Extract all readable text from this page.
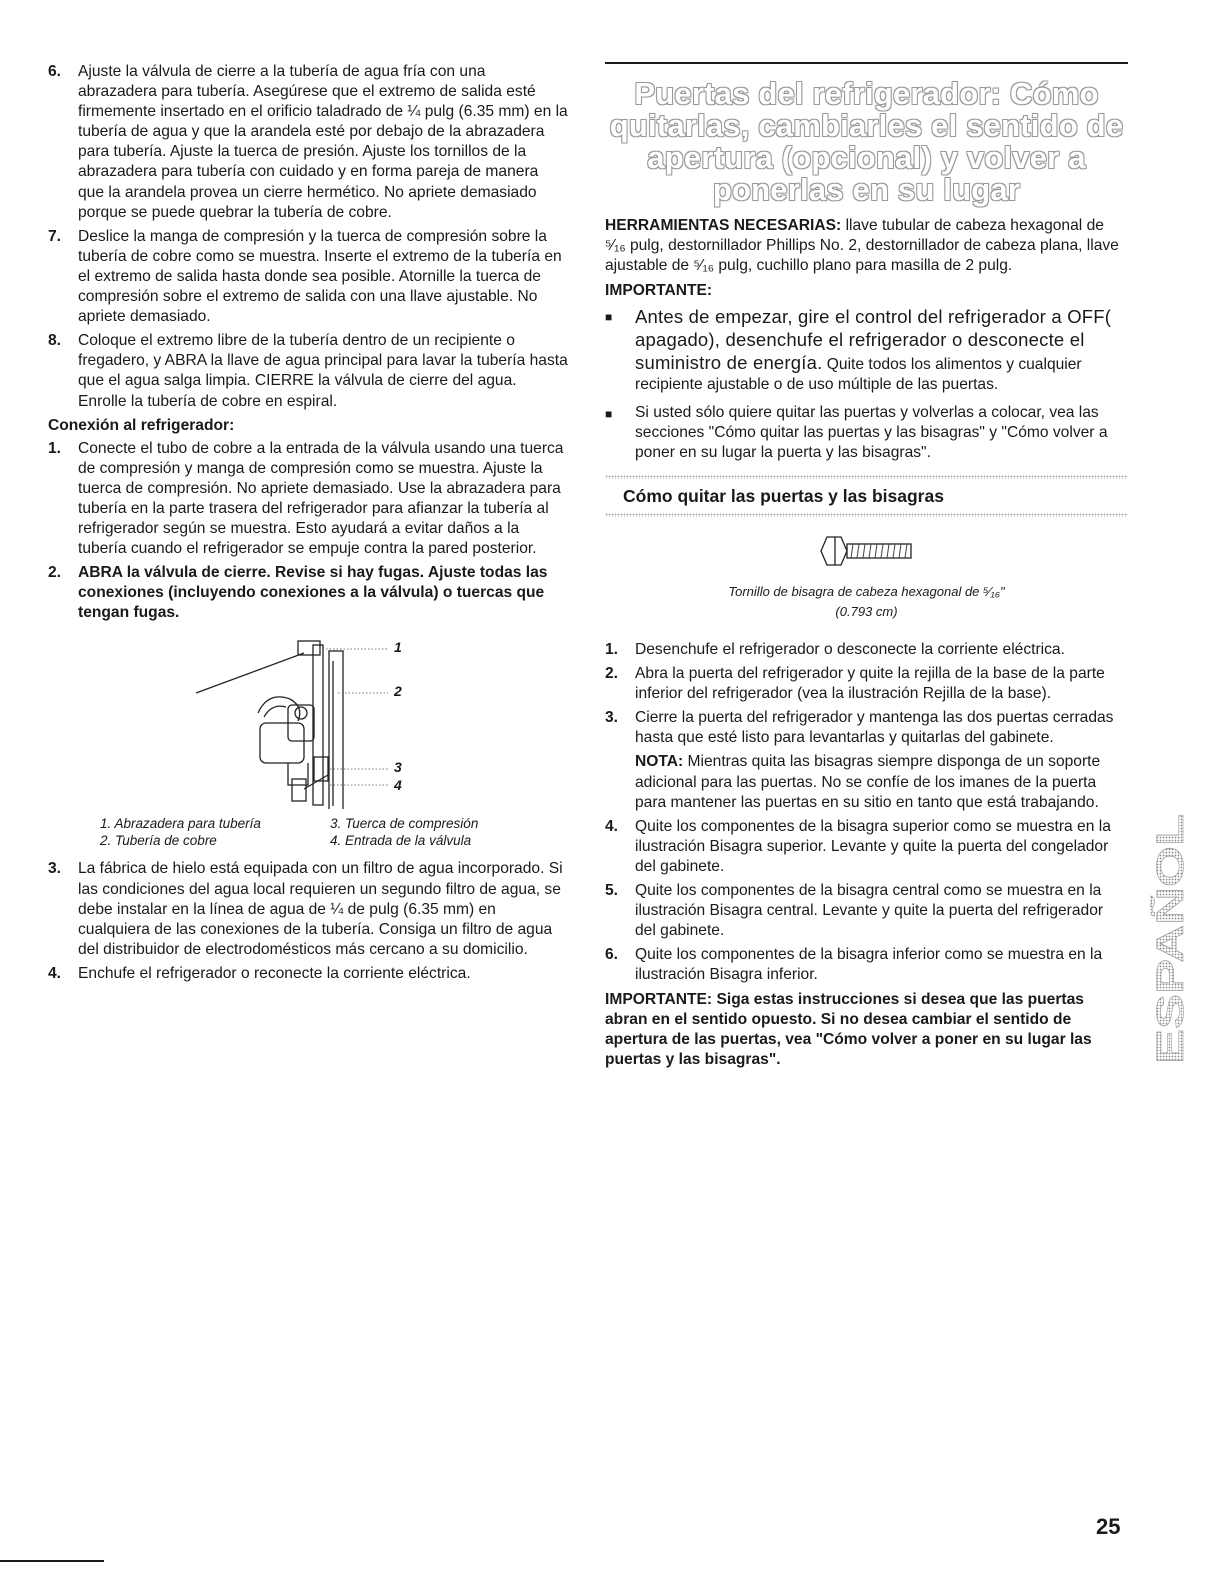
6.	Ajuste la válvula de cierre a la tubería de agua fría con una abrazadera para tubería. Asegúrese que el extremo de salida esté firmemente insertado en el orificio taladrado de ¼ pulg (6.35 mm) en la tubería de agua y que la arandela esté por debajo de la abrazadera para tubería. Ajuste la tuerca de presión. Ajuste los tornillos de la abrazadera para tubería con cuidado y en forma pareja de manera que la arandela provea un cierre hermético. No apriete demasiado porque se puede quebrar la tubería de cobre.
7.	Deslice la manga de compresión y la tuerca de compresión sobre la tubería de cobre como se muestra. Inserte el extremo de la tubería en el extremo de salida hasta donde sea posible. Atornille la tuerca de compresión sobre el extremo de salida con una llave ajustable. No apriete demasiado.
8.	Coloque el extremo libre de la tubería dentro de un recipiente o fregadero, y ABRA la llave de agua principal para lavar la tubería hasta que el agua salga limpia. CIERRE la válvula de cierre del agua. Enrolle la tubería de cobre en espiral.
Conexión al refrigerador:
1.	Conecte el tubo de cobre a la entrada de la válvula usando una tuerca de compresión y manga de compresión como se muestra. Ajuste la tuerca de compresión. No apriete demasiado. Use la abrazadera para tubería en la parte trasera del refrigerador para afianzar la tubería al refrigerador según se muestra. Esto ayudará a evitar daños a la tubería cuando el refrigerador se empuje contra la pared posterior.
2.	ABRA la válvula de cierre. Revise si hay fugas. Ajuste todas las conexiones (incluyendo conexiones a la válvula) o tuercas que tengan fugas.
1
2
3
4
1. Abrazadera para tubería	3. Tuerca de compresión
2. Tubería de cobre	4. Entrada de la válvula
3.	La fábrica de hielo está equipada con un filtro de agua incorporado. Si las condiciones del agua local requieren un segundo filtro de agua, se debe instalar en la línea de agua de ¼ de pulg (6.35 mm) en cualquiera de las conexiones de la tubería. Consiga un filtro de agua del distribuidor de electrodomésticos más cercano a su domicilio.
4.	Enchufe el refrigerador o reconecte la corriente eléctrica.
Puertas del refrigerador: Cómo quitarlas, cambiarles el sentido de apertura (opcional) y volver a ponerlas en su lugar
HERRAMIENTAS NECESARIAS: llave tubular de cabeza hexagonal de ⁵⁄₁₆ pulg, destornillador Phillips No. 2, destornillador de cabeza plana, llave ajustable de ⁵⁄₁₆ pulg, cuchillo plano para masilla de 2 pulg.
IMPORTANTE:
■	Antes de empezar, gire el control del refrigerador a OFF( apagado), desenchufe el refrigerador o desconecte el suministro de energía. Quite todos los alimentos y cualquier recipiente ajustable o de uso múltiple de las puertas.
■	Si usted sólo quiere quitar las puertas y volverlas a colocar, vea las secciones "Cómo quitar las puertas y las bisagras" y "Cómo volver a poner en su lugar la puerta y las bisagras".
Cómo quitar las puertas y las bisagras
Tornillo de bisagra de cabeza hexagonal de ⁵⁄₁₆"
(0.793 cm)
1.	Desenchufe el refrigerador o desconecte la corriente eléctrica.
2.	Abra la puerta del refrigerador y quite la rejilla de la base de la parte inferior del refrigerador (vea la ilustración Rejilla de la base).
3.	Cierre la puerta del refrigerador y mantenga las dos puertas cerradas hasta que esté listo para levantarlas y quitarlas del gabinete.
NOTA: Mientras quita las bisagras siempre disponga de un soporte adicional para las puertas. No se confíe de los imanes de la puerta para mantener las puertas en su sitio en tanto que está trabajando.
4.	Quite los componentes de la bisagra superior como se muestra en la ilustración Bisagra superior. Levante y quite la puerta del congelador del gabinete.
5.	Quite los componentes de la bisagra central como se muestra en la ilustración Bisagra central. Levante y quite la puerta del refrigerador del gabinete.
6.	Quite los componentes de la bisagra inferior como se muestra en la ilustración Bisagra inferior.
IMPORTANTE: Siga estas instrucciones si desea que las puertas abran en el sentido opuesto. Si no desea cambiar el sentido de apertura de las puertas, vea "Cómo volver a poner en su lugar las puertas y las bisagras".	ESPAÑOL
25
